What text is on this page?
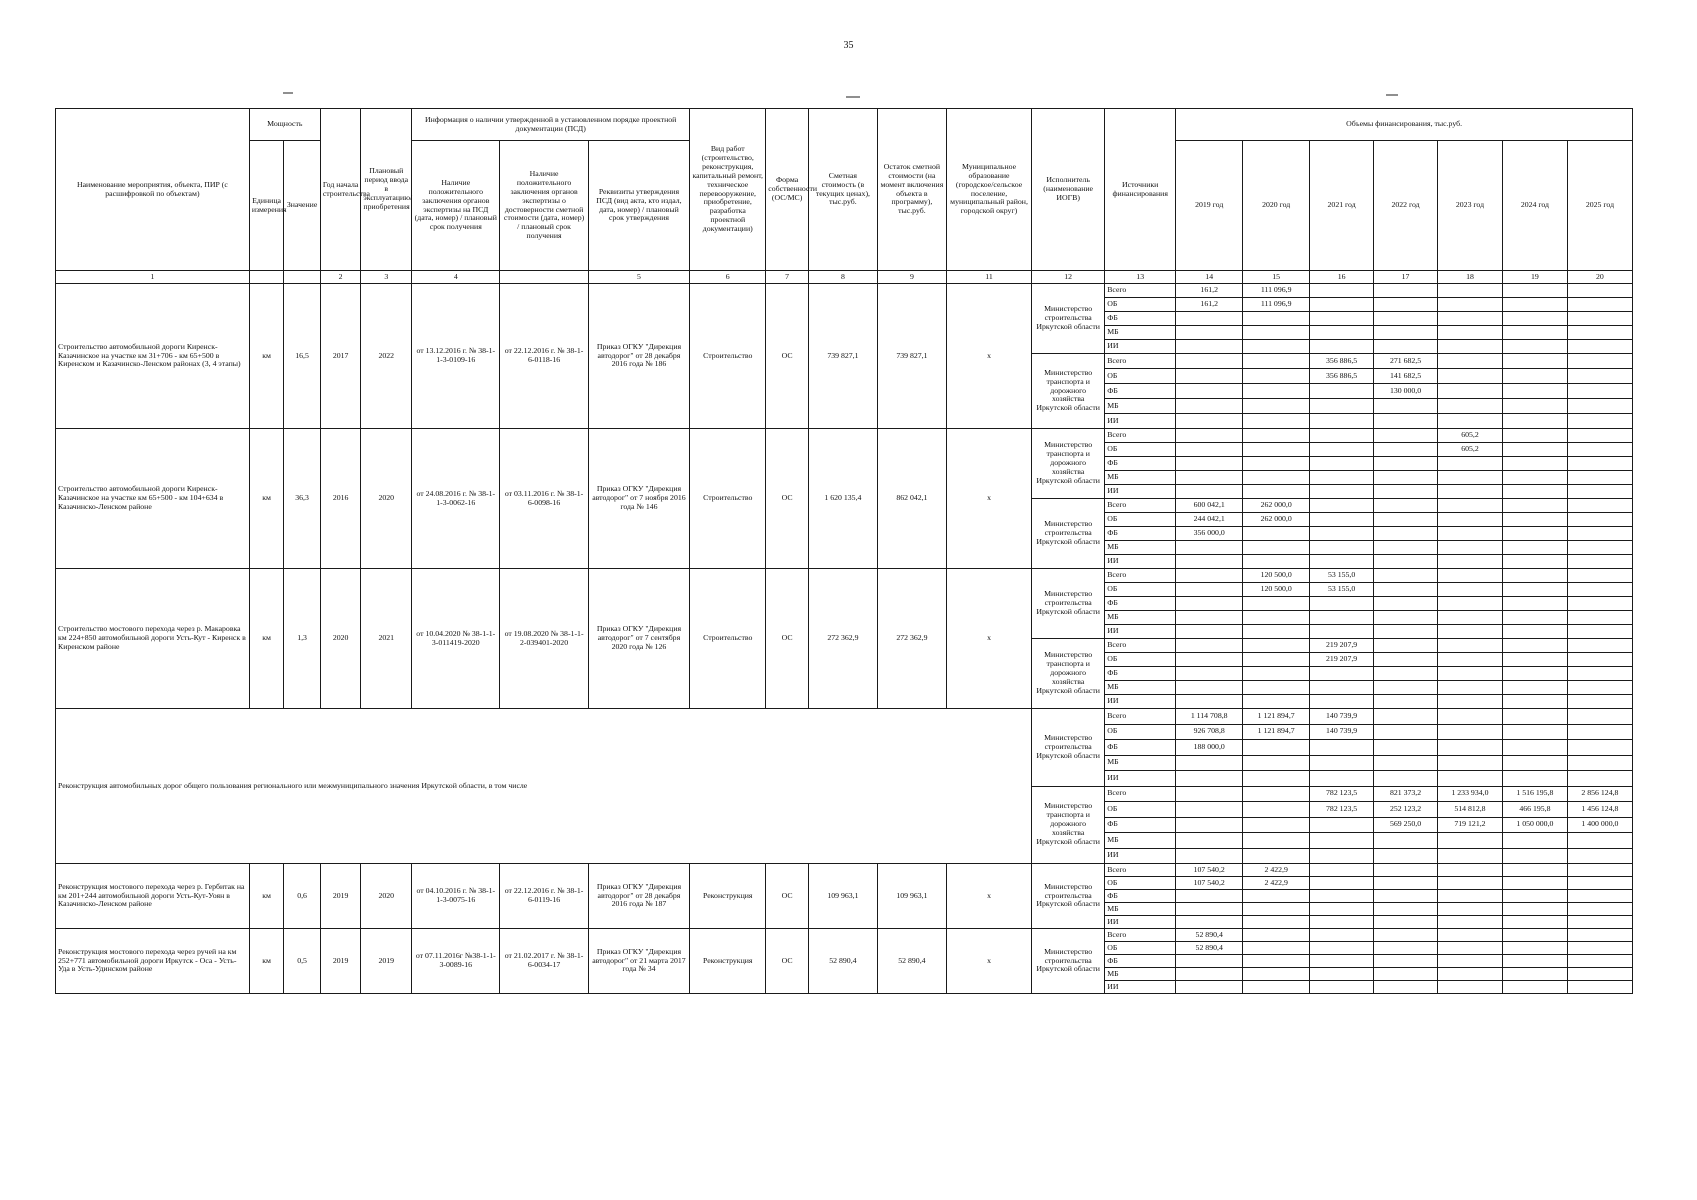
35
Наименование мероприятия, объекта, ПИР (с расшифровкой по объектам)	Мощность		Год начала строительства	Плановый период ввода в эксплуатацию/приобретения	Информация о наличии утвержденной в установленном порядке проектной документации (ПСД)			Вид работ (строительство, реконструкция, капитальный ремонт, техническое перевооружение, приобретение, разработка проектной документации)	Форма собственности (ОС/МС)	Сметная стоимость (в текущих ценах), тыс.руб.	Остаток сметной стоимости (на момент включения объекта в программу), тыс.руб.	Муниципальное образование (городское/сельское поселение, муниципальный район, городской округ)	Исполнитель (наименование ИОГВ)	Источники финансирования	Объемы финансирования, тыс.руб.						
	Единица измерения	Значение			Наличие положительного заключения органов экспертизы на ПСД (дата, номер) / плановый срок получения	Наличие положительного заключения органов экспертизы о достоверности сметной стоимости (дата, номер) / плановый срок получения	Реквизиты утверждения ПСД (вид акта, кто издал, дата, номер) / плановый срок утверждения								2019 год	2020 год	2021 год	2022 год	2023 год	2024 год	2025 год
1			2	3	4		5	6	7	8	9	11	12	13	14	15	16	17	18	19	20
Строительство автомобильной дороги Киренск-Казачинское на участке км 31+706 - км 65+500 в Киренском и Казачинско-Ленском районах (3, 4 этапы)	км	16,5	2017	2022	от 13.12.2016 г. № 38-1-1-3-0109-16	от 22.12.2016 г. № 38-1-6-0118-16	Приказ ОГКУ "Дирекция автодорог" от 28 декабря 2016 года № 186	Строительство	ОС	739 827,1	739 827,1	х	Министерство строительства Иркутской области	Всего	161,2	111 096,9					
														ОБ	161,2	111 096,9					
														ФБ							
														МБ							
														ИИ							
													Министерство транспорта и дорожного хозяйства Иркутской области	Всего			356 886,5	271 682,5			
														ОБ			356 886,5	141 682,5			
														ФБ				130 000,0			
														МБ							
														ИИ							
Строительство автомобильной дороги Киренск-Казачинское на участке км 65+500 - км 104+634 в Казачинско-Ленском районе	км	36,3	2016	2020	от 24.08.2016 г. № 38-1-1-3-0062-16	от 03.11.2016 г. № 38-1-6-0098-16	Приказ ОГКУ "Дирекция автодорог" от 7 ноября 2016 года № 146	Строительство	ОС	1 620 135,4	862 042,1	х	Министерство транспорта и дорожного хозяйства Иркутской области	Всего					605,2		
														ОБ					605,2		
														ФБ							
														МБ							
														ИИ							
													Министерство строительства Иркутской области	Всего	600 042,1	262 000,0					
														ОБ	244 042,1	262 000,0					
														ФБ	356 000,0						
														МБ							
														ИИ							
Строительство мостового перехода через р. Макаровка км 224+850 автомобильной дороги Усть-Кут - Киренск в Киренском районе	км	1,3	2020	2021	от 10.04.2020 № 38-1-1-3-011419-2020	от 19.08.2020 № 38-1-1-2-039401-2020	Приказ ОГКУ "Дирекция автодорог" от 7 сентября 2020 года № 126	Строительство	ОС	272 362,9	272 362,9	х	Министерство строительства Иркутской области	Всего		120 500,0	53 155,0				
														ОБ		120 500,0	53 155,0				
														ФБ							
														МБ							
														ИИ							
													Министерство транспорта и дорожного хозяйства Иркутской области	Всего			219 207,9				
														ОБ			219 207,9				
														ФБ							
														МБ							
														ИИ							
Реконструкция автомобильных дорог общего пользования регионального или межмуниципального значения Иркутской области, в том числе													Министерство строительства Иркутской области	Всего	1 114 708,8	1 121 894,7	140 739,9				
														ОБ	926 708,8	1 121 894,7	140 739,9				
														ФБ	188 000,0						
														МБ							
														ИИ							
													Министерство транспорта и дорожного хозяйства Иркутской области	Всего			782 123,5	821 373,2	1 233 934,0	1 516 195,8	2 856 124,8
														ОБ			782 123,5	252 123,2	514 812,8	466 195,8	1 456 124,8
														ФБ				569 250,0	719 121,2	1 050 000,0	1 400 000,0
														МБ							
														ИИ							
Реконструкция мостового перехода через р. Гербитак на км 201+244 автомобильной дороги Усть-Кут-Уоян в Казачинско-Ленском районе	км	0,6	2019	2020	от 04.10.2016 г. № 38-1-1-3-0075-16	от 22.12.2016 г. № 38-1-6-0119-16	Приказ ОГКУ "Дирекция автодорог" от 28 декабря 2016 года № 187	Реконструкция	ОС	109 963,1	109 963,1	х	Министерство строительства Иркутской области	Всего	107 540,2	2 422,9					
														ОБ	107 540,2	2 422,9					
														ФБ							
														МБ							
														ИИ							
Реконструкция мостового перехода через ручей на км 252+771 автомобильной дороги Иркутск - Оса - Усть-Уда в Усть-Удинском районе	км	0,5	2019	2019	от 07.11.2016г №38-1-1-3-0089-16	от 21.02.2017 г. № 38-1-6-0034-17	Приказ ОГКУ "Дирекция автодорог" от 21 марта 2017 года № 34	Реконструкция	ОС	52 890,4	52 890,4	х	Министерство строительства Иркутской области	Всего	52 890,4						
														ОБ	52 890,4						
														ФБ							
														МБ							
														ИИ							
